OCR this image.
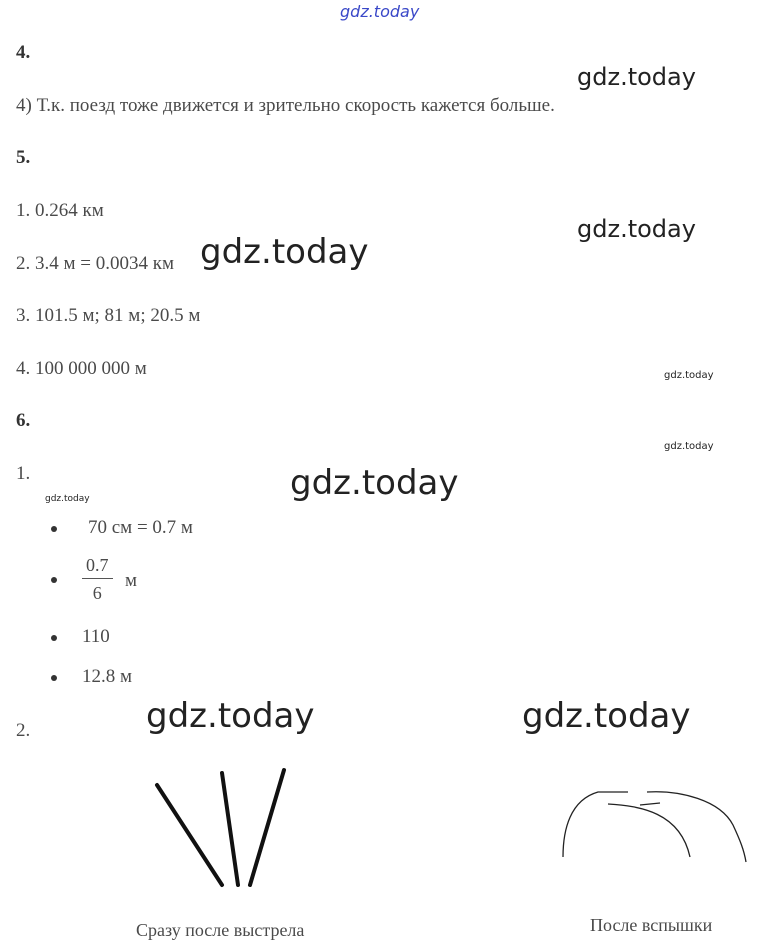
gdz.today
gdz.today
gdz.today
gdz.today
gdz.today
gdz.today
gdz.today	gdz.today
gdz.today	gdz.today
4.
4) Т.к. поезд тоже движется и зрительно скорость кажется больше.
5.
1. 0.264 км
2. 3.4 м = 0.0034 км
3. 101.5 м; 81 м; 20.5 м
4. 100 000 000 м
6.
1.
70 см = 0.7 м
$\frac{0.7}{6}$ м
110
12.8 м
2.
Сразу после выстрела	После вспышки
